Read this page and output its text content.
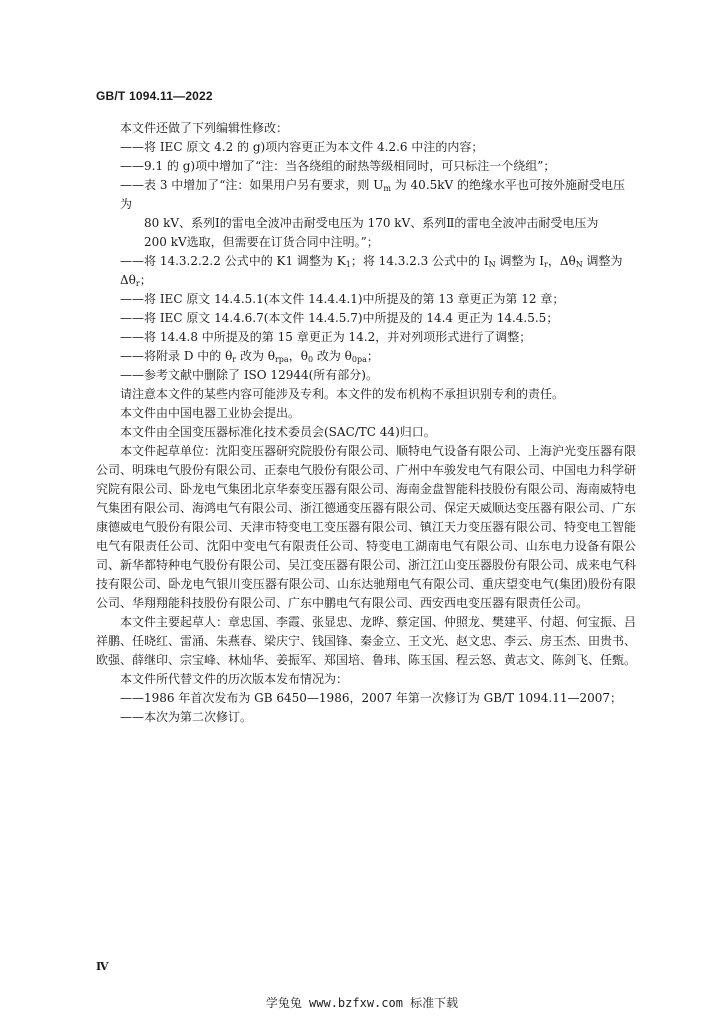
GB/T 1094.11—2022

本文件还做了下列编辑性修改：

——将 IEC 原文 4.2 的 g)项内容更正为本文件 4.2.6 中注的内容；

——9.1 的 g)项中增加了“注：当各绕组的耐热等级相同时，可只标注一个绕组”；

——表 3 中增加了“注：如果用户另有要求，则 $U_m$ 为 40.5kV 的绝缘水平也可按外施耐受电压为

80 kV、系列Ⅰ的雷电全波冲击耐受电压为 170 kV、系列Ⅱ的雷电全波冲击耐受电压为

200 kV选取，但需要在订货合同中注明。”；

——将 14.3.2.2.2 公式中的 K1 调整为 $K_1$；将 14.3.2.3 公式中的 $I_N$ 调整为 $I_r$，$\Delta\theta_N$ 调整为 $\Delta\theta_r$；

——将 IEC 原文 14.4.5.1(本文件 14.4.4.1)中所提及的第 13 章更正为第 12 章；

——将 IEC 原文 14.4.6.7(本文件 14.4.5.7)中所提及的 14.4 更正为 14.4.5.5；

——将 14.4.8 中所提及的第 15 章更正为 14.2，并对列项形式进行了调整；

——将附录 D 中的 $\theta_r$ 改为 $\theta_{rpa}$，$\theta_0$ 改为 $\theta_{0pa}$；

——参考文献中删除了 ISO 12944(所有部分)。

请注意本文件的某些内容可能涉及专利。本文件的发布机构不承担识别专利的责任。

本文件由中国电器工业协会提出。

本文件由全国变压器标准化技术委员会(SAC/TC 44)归口。

本文件起草单位：沈阳变压器研究院股份有限公司、顺特电气设备有限公司、上海沪光变压器有限公司、明珠电气股份有限公司、正泰电气股份有限公司、广州中车骏发电气有限公司、中国电力科学研究院有限公司、卧龙电气集团北京华泰变压器有限公司、海南金盘智能科技股份有限公司、海南威特电气集团有限公司、海鸿电气有限公司、浙江德通变压器有限公司、保定天威顺达变压器有限公司、广东康德威电气股份有限公司、天津市特变电工变压器有限公司、镇江天力变压器有限公司、特变电工智能电气有限责任公司、沈阳中变电气有限责任公司、特变电工湖南电气有限公司、山东电力设备有限公司、新华都特种电气股份有限公司、吴江变压器有限公司、浙江江山变压器股份有限公司、成来电气科技有限公司、卧龙电气银川变压器有限公司、山东达驰翔电气有限公司、重庆望变电气(集团)股份有限公司、华翔翔能科技股份有限公司、广东中鹏电气有限公司、西安西电变压器有限责任公司。

本文件主要起草人：章忠国、李霞、张显忠、龙晔、蔡定国、仲照龙、樊建平、付超、何宝振、吕祥鹏、任晓红、雷涌、朱燕春、梁庆宁、钱国锋、秦金立、王文光、赵文忠、李云、房玉杰、田贵书、欧强、薛继印、宗宝峰、林灿华、姜振军、郑国培、鲁玮、陈玉国、程云怒、黄志文、陈剑飞、任甄。

本文件所代替文件的历次版本发布情况为：

——1986 年首次发布为 GB 6450—1986，2007 年第一次修订为 GB/T 1094.11—2007；

——本次为第二次修订。

Ⅳ
学兔兔 www.bzfxw.com 标准下载
